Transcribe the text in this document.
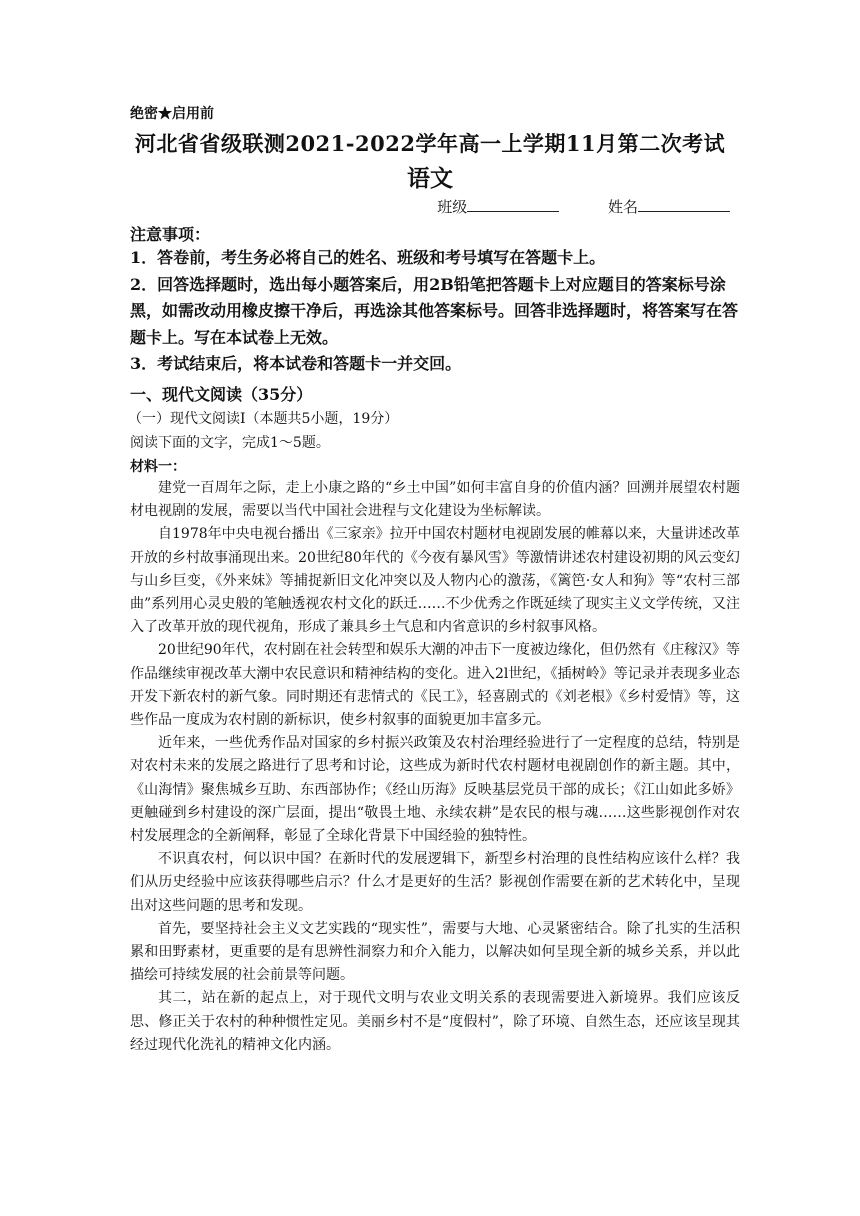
绝密★启用前
河北省省级联测2021-2022学年高一上学期11月第二次考试
语文
班级	姓名
注意事项：

1．答卷前，考生务必将自己的姓名、班级和考号填写在答题卡上。

2．回答选择题时，选出每小题答案后，用2B铅笔把答题卡上对应题目的答案标号涂黑，如需改动用橡皮擦干净后，再选涂其他答案标号。回答非选择题时，将答案写在答题卡上。写在本试卷上无效。

3．考试结束后，将本试卷和答题卡一并交回。

一、现代文阅读（35分）
（一）现代文阅读Ⅰ（本题共5小题，19分）
阅读下面的文字，完成1～5题。
材料一：

建党一百周年之际，走上小康之路的“乡土中国”如何丰富自身的价值内涵？回溯并展望农村题材电视剧的发展，需要以当代中国社会进程与文化建设为坐标解读。

自1978年中央电视台播出《三家亲》拉开中国农村题材电视剧发展的帷幕以来，大量讲述改革开放的乡村故事涌现出来。20世纪80年代的《今夜有暴风雪》等激情讲述农村建设初期的风云变幻与山乡巨变，《外来妹》等捕捉新旧文化冲突以及人物内心的激荡，《篱笆·女人和狗》等“农村三部曲”系列用心灵史般的笔触透视农村文化的跃迁……不少优秀之作既延续了现实主义文学传统，又注入了改革开放的现代视角，形成了兼具乡土气息和内省意识的乡村叙事风格。

20世纪90年代，农村剧在社会转型和娱乐大潮的冲击下一度被边缘化，但仍然有《庄稼汉》等作品继续审视改革大潮中农民意识和精神结构的变化。进入2l世纪，《插树岭》等记录并表现多业态开发下新农村的新气象。同时期还有悲情式的《民工》，轻喜剧式的《刘老根》《乡村爱情》等，这些作品一度成为农村剧的新标识，使乡村叙事的面貌更加丰富多元。

近年来，一些优秀作品对国家的乡村振兴政策及农村治理经验进行了一定程度的总结，特别是对农村未来的发展之路进行了思考和讨论，这些成为新时代农村题材电视剧创作的新主题。其中，《山海情》聚焦城乡互助、东西部协作；《经山历海》反映基层党员干部的成长；《江山如此多娇》更触碰到乡村建设的深广层面，提出“敬畏土地、永续农耕”是农民的根与魂……这些影视创作对农村发展理念的全新阐释，彰显了全球化背景下中国经验的独特性。

不识真农村，何以识中国？在新时代的发展逻辑下，新型乡村治理的良性结构应该什么样？我们从历史经验中应该获得哪些启示？什么才是更好的生活？影视创作需要在新的艺术转化中，呈现出对这些问题的思考和发现。

首先，要坚持社会主义文艺实践的“现实性”，需要与大地、心灵紧密结合。除了扎实的生活积累和田野素材，更重要的是有思辨性洞察力和介入能力，以解决如何呈现全新的城乡关系，并以此描绘可持续发展的社会前景等问题。

其二，站在新的起点上，对于现代文明与农业文明关系的表现需要进入新境界。我们应该反思、修正关于农村的种种惯性定见。美丽乡村不是“度假村”，除了环境、自然生态，还应该呈现其经过现代化洗礼的精神文化内涵。
